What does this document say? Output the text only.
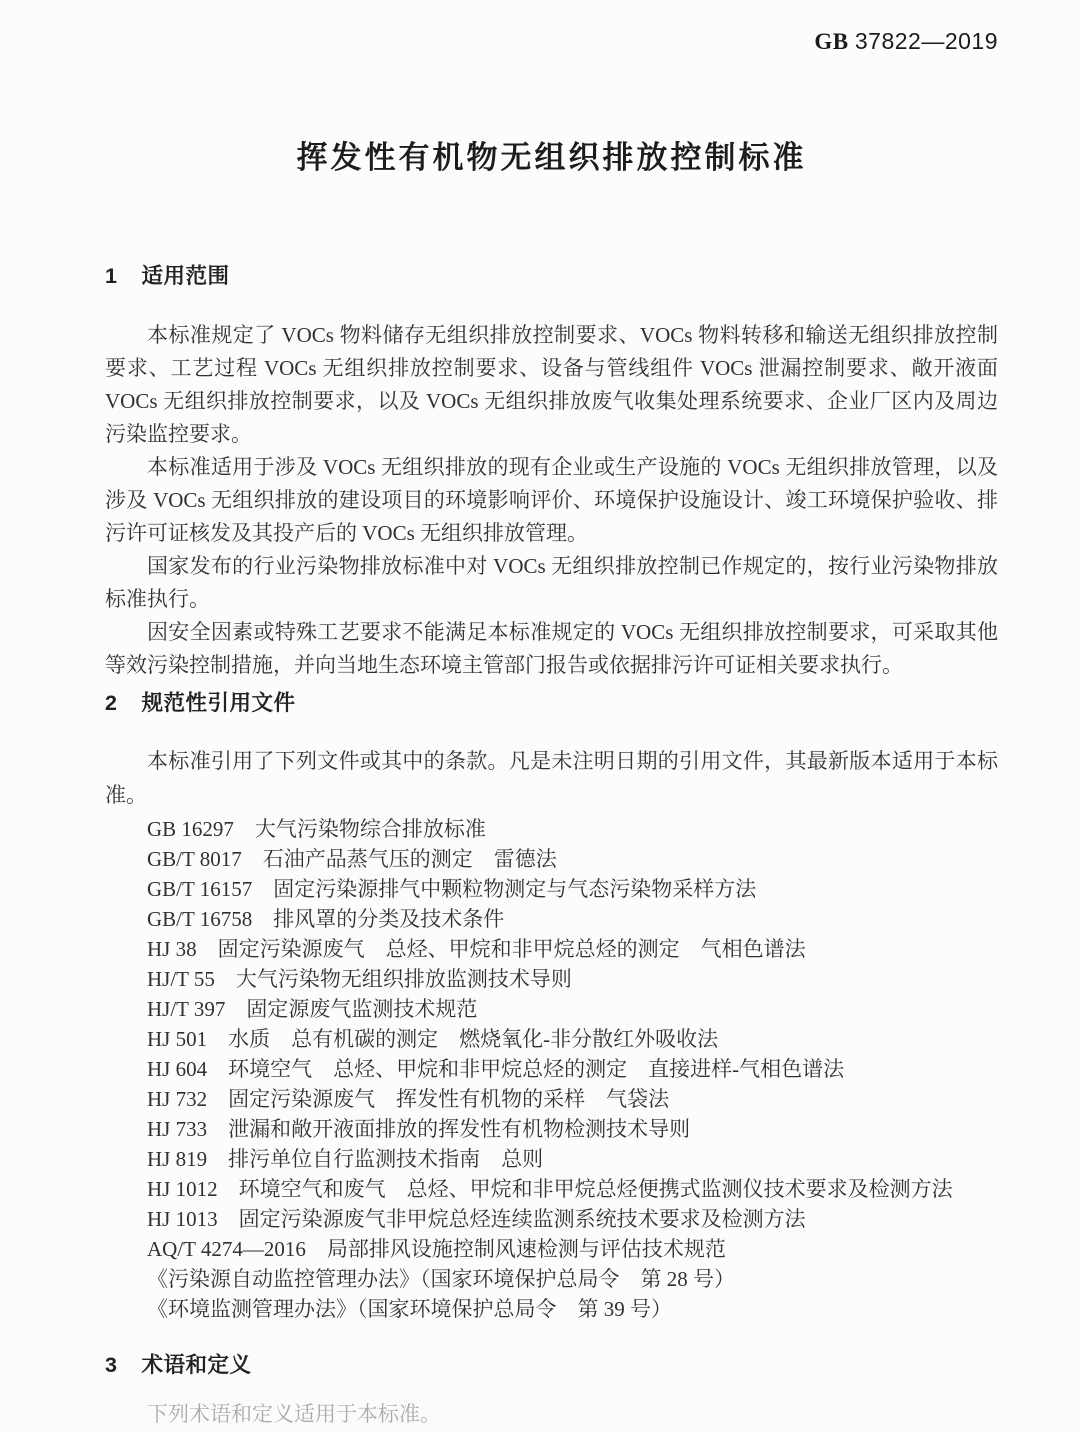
GB 37822—2019
挥发性有机物无组织排放控制标准
1 适用范围

本标准规定了 VOCs 物料储存无组织排放控制要求、VOCs 物料转移和输送无组织排放控制要求、工艺过程 VOCs 无组织排放控制要求、设备与管线组件 VOCs 泄漏控制要求、敞开液面 VOCs 无组织排放控制要求，以及 VOCs 无组织排放废气收集处理系统要求、企业厂区内及周边污染监控要求。

本标准适用于涉及 VOCs 无组织排放的现有企业或生产设施的 VOCs 无组织排放管理，以及涉及 VOCs 无组织排放的建设项目的环境影响评价、环境保护设施设计、竣工环境保护验收、排污许可证核发及其投产后的 VOCs 无组织排放管理。

国家发布的行业污染物排放标准中对 VOCs 无组织排放控制已作规定的，按行业污染物排放标准执行。

因安全因素或特殊工艺要求不能满足本标准规定的 VOCs 无组织排放控制要求，可采取其他等效污染控制措施，并向当地生态环境主管部门报告或依据排污许可证相关要求执行。

2 规范性引用文件

本标准引用了下列文件或其中的条款。凡是未注明日期的引用文件，其最新版本适用于本标准。

GB 16297　大气污染物综合排放标准

GB/T 8017　石油产品蒸气压的测定　雷德法

GB/T 16157　固定污染源排气中颗粒物测定与气态污染物采样方法

GB/T 16758　排风罩的分类及技术条件

HJ 38　固定污染源废气　总烃、甲烷和非甲烷总烃的测定　气相色谱法

HJ/T 55　大气污染物无组织排放监测技术导则

HJ/T 397　固定源废气监测技术规范

HJ 501　水质　总有机碳的测定　燃烧氧化-非分散红外吸收法

HJ 604　环境空气　总烃、甲烷和非甲烷总烃的测定　直接进样-气相色谱法

HJ 732　固定污染源废气　挥发性有机物的采样　气袋法

HJ 733　泄漏和敞开液面排放的挥发性有机物检测技术导则

HJ 819　排污单位自行监测技术指南　总则

HJ 1012　环境空气和废气　总烃、甲烷和非甲烷总烃便携式监测仪技术要求及检测方法

HJ 1013　固定污染源废气非甲烷总烃连续监测系统技术要求及检测方法

AQ/T 4274—2016　局部排风设施控制风速检测与评估技术规范

《污染源自动监控管理办法》（国家环境保护总局令　第 28 号）

《环境监测管理办法》（国家环境保护总局令　第 39 号）

3 术语和定义

下列术语和定义适用于本标准。
